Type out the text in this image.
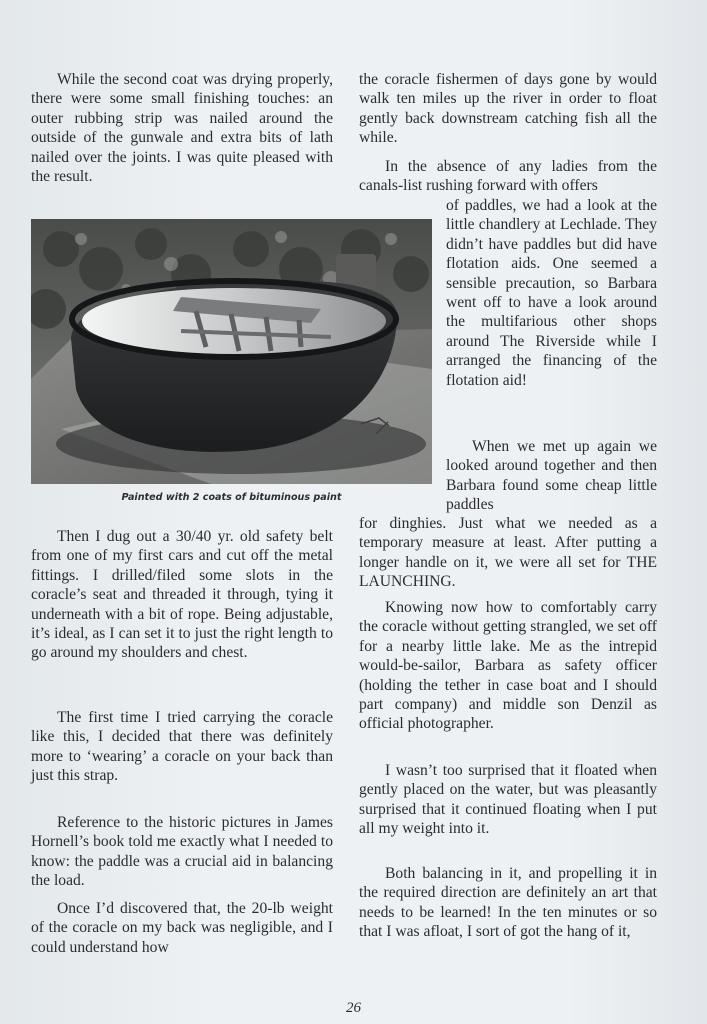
While the second coat was drying properly, there were some small finishing touches: an outer rubbing strip was nailed around the outside of the gunwale and extra bits of lath nailed over the joints. I was quite pleased with the result.

Painted with 2 coats of bituminous paint

Then I dug out a 30/40 yr. old safety belt from one of my first cars and cut off the metal fittings. I drilled/filed some slots in the coracle’s seat and threaded it through, tying it underneath with a bit of rope. Being adjustable, it’s ideal, as I can set it to just the right length to go around my shoulders and chest.

The first time I tried carrying the coracle like this, I decided that there was definitely more to ‘wearing’ a coracle on your back than just this strap.

Reference to the historic pictures in James Hornell’s book told me exactly what I needed to know: the paddle was a crucial aid in balancing the load.

Once I’d discovered that, the 20-lb weight of the coracle on my back was negligible, and I could understand how

the coracle fishermen of days gone by would walk ten miles up the river in order to float gently back downstream catching fish all the while.

In the absence of any ladies from the canals-list rushing forward with offers

of paddles, we had a look at the little chandlery at Lechlade. They didn’t have paddles but did have flotation aids. One seemed a sensible precaution, so Barbara went off to have a look around the multifarious other shops around The Riverside while I arranged the financing of the flotation aid!

When we met up again we looked around together and then Barbara found some cheap little paddles

for dinghies. Just what we needed as a temporary measure at least. After putting a longer handle on it, we were all set for THE LAUNCHING.

Knowing now how to comfortably carry the coracle without getting strangled, we set off for a nearby little lake. Me as the intrepid would-be-sailor, Barbara as safety officer (holding the tether in case boat and I should part company) and middle son Denzil as official photographer.

I wasn’t too surprised that it floated when gently placed on the water, but was pleasantly surprised that it continued floating when I put all my weight into it.

Both balancing in it, and propelling it in the required direction are definitely an art that needs to be learned! In the ten minutes or so that I was afloat, I sort of got the hang of it,

26
